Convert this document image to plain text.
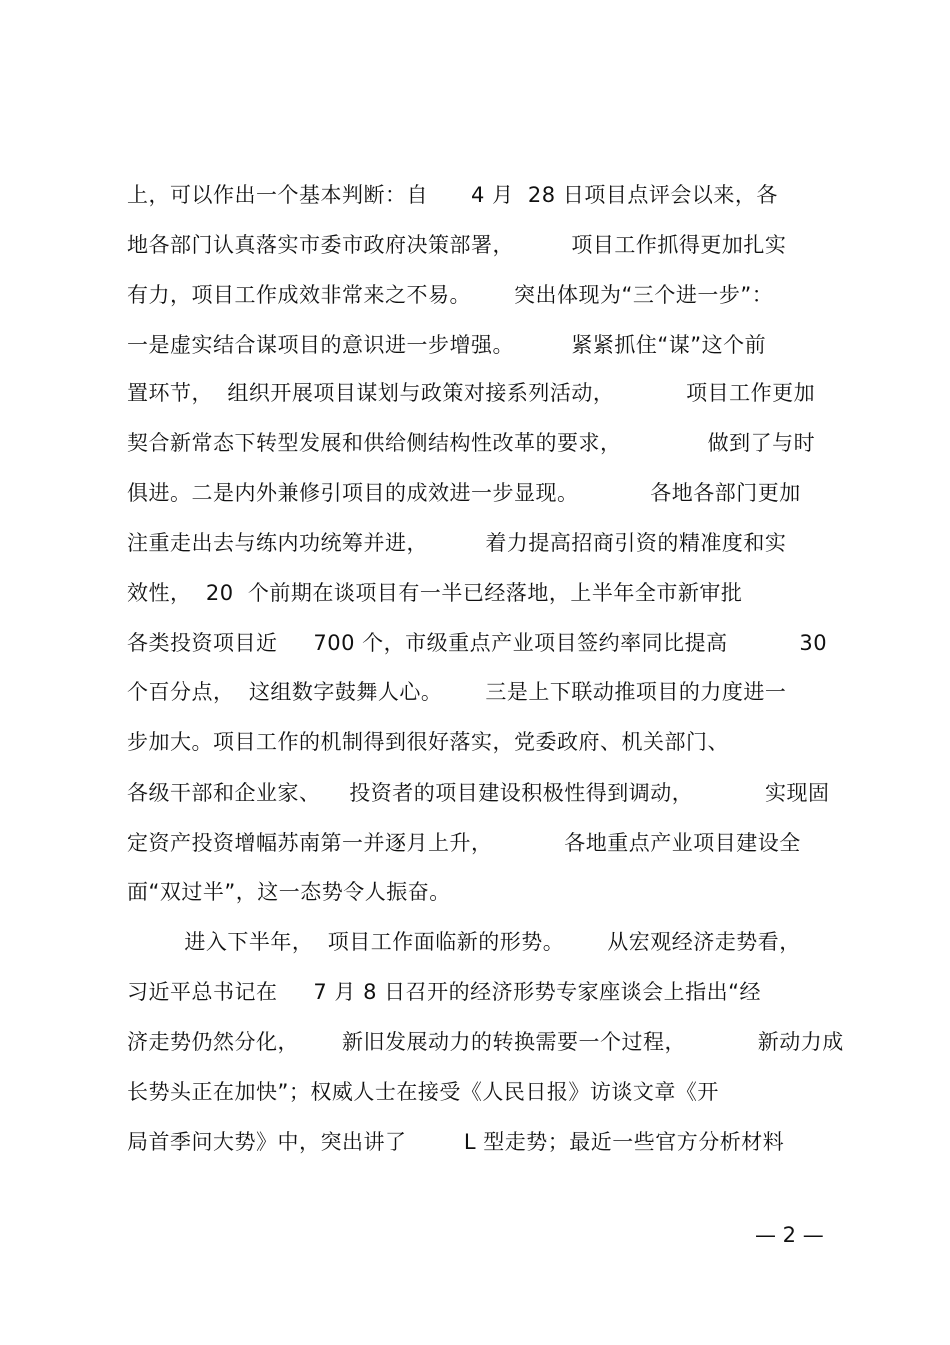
上，可以作出一个基本判断：自      4 月  28 日项目点评会以来，各
地各部门认真落实市委市政府决策部署，        项目工作抓得更加扎实
有力，项目工作成效非常来之不易。      突出体现为“三个进一步”：
一是虚实结合谋项目的意识进一步增强。        紧紧抓住“谋”这个前
置环节，  组织开展项目谋划与政策对接系列活动，          项目工作更加
契合新常态下转型发展和供给侧结构性改革的要求，            做到了与时
俱进。二是内外兼修引项目的成效进一步显现。          各地各部门更加
注重走出去与练内功统筹并进，        着力提高招商引资的精准度和实
效性，  20  个前期在谈项目有一半已经落地，上半年全市新审批
各类投资项目近     700 个，市级重点产业项目签约率同比提高          30
个百分点，  这组数字鼓舞人心。      三是上下联动推项目的力度进一
步加大。项目工作的机制得到很好落实，党委政府、机关部门、
各级干部和企业家、    投资者的项目建设积极性得到调动，          实现固
定资产投资增幅苏南第一并逐月上升，          各地重点产业项目建设全
面“双过半”，这一态势令人振奋。
进入下半年，  项目工作面临新的形势。      从宏观经济走势看，
习近平总书记在     7 月 8 日召开的经济形势专家座谈会上指出“经
济走势仍然分化，      新旧发展动力的转换需要一个过程，          新动力成
长势头正在加快”；权威人士在接受《人民日报》访谈文章《开
局首季问大势》中，突出讲了        L 型走势；最近一些官方分析材料
— 2 —
